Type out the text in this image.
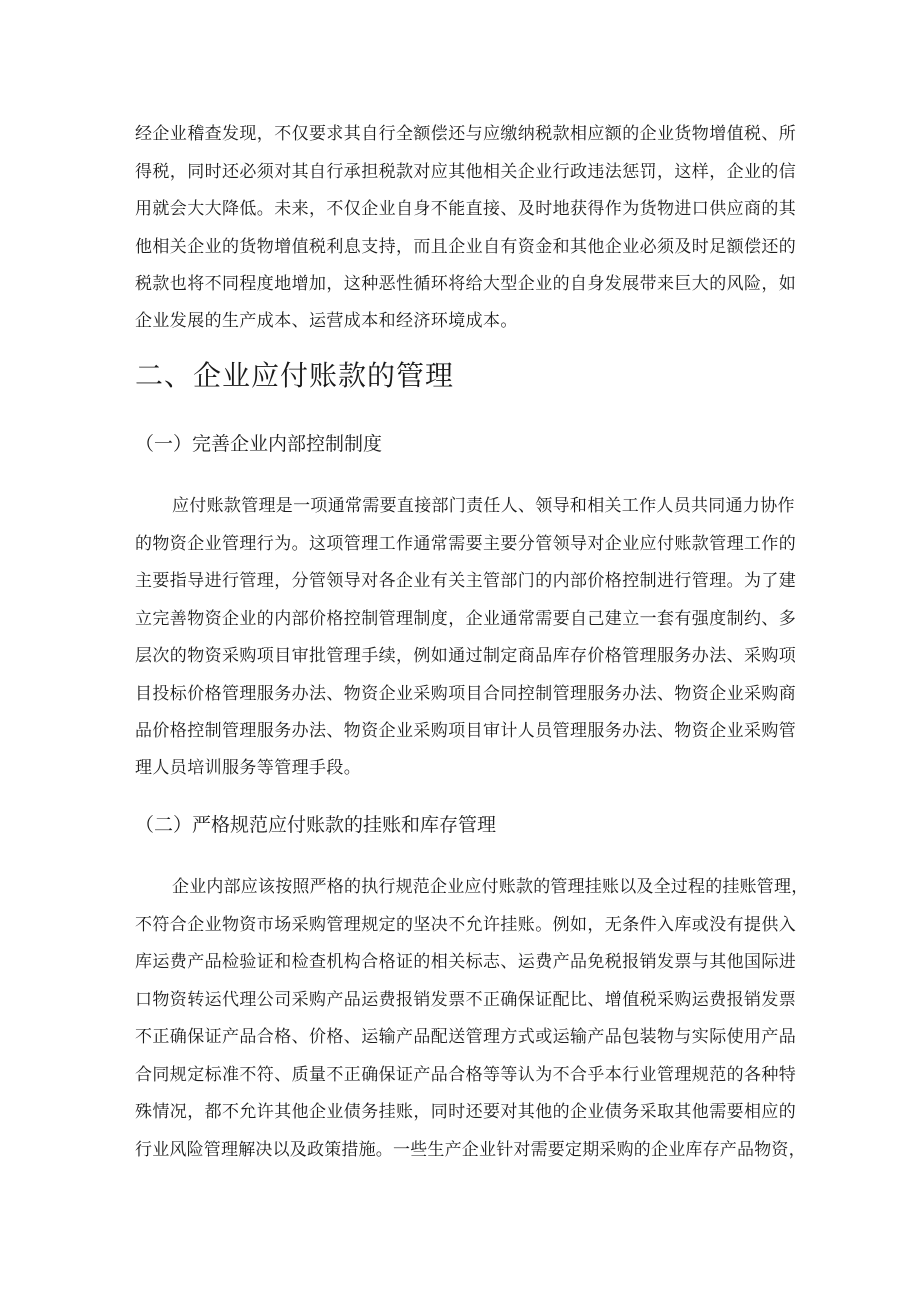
经企业稽查发现，不仅要求其自行全额偿还与应缴纳税款相应额的企业货物增值税、所
得税，同时还必须对其自行承担税款对应其他相关企业行政违法惩罚，这样，企业的信
用就会大大降低。未来，不仅企业自身不能直接、及时地获得作为货物进口供应商的其
他相关企业的货物增值税利息支持，而且企业自有资金和其他企业必须及时足额偿还的
税款也将不同程度地增加，这种恶性循环将给大型企业的自身发展带来巨大的风险，如
企业发展的生产成本、运营成本和经济环境成本。
二、企业应付账款的管理
（一）完善企业内部控制制度
应付账款管理是一项通常需要直接部门责任人、领导和相关工作人员共同通力协作
的物资企业管理行为。这项管理工作通常需要主要分管领导对企业应付账款管理工作的
主要指导进行管理，分管领导对各企业有关主管部门的内部价格控制进行管理。为了建
立完善物资企业的内部价格控制管理制度，企业通常需要自己建立一套有强度制约、多
层次的物资采购项目审批管理手续，例如通过制定商品库存价格管理服务办法、采购项
目投标价格管理服务办法、物资企业采购项目合同控制管理服务办法、物资企业采购商
品价格控制管理服务办法、物资企业采购项目审计人员管理服务办法、物资企业采购管
理人员培训服务等管理手段。
（二）严格规范应付账款的挂账和库存管理
企业内部应该按照严格的执行规范企业应付账款的管理挂账以及全过程的挂账管理，
不符合企业物资市场采购管理规定的坚决不允许挂账。例如，无条件入库或没有提供入
库运费产品检验证和检查机构合格证的相关标志、运费产品免税报销发票与其他国际进
口物资转运代理公司采购产品运费报销发票不正确保证配比、增值税采购运费报销发票
不正确保证产品合格、价格、运输产品配送管理方式或运输产品包装物与实际使用产品
合同规定标准不符、质量不正确保证产品合格等等认为不合乎本行业管理规范的各种特
殊情况，都不允许其他企业债务挂账，同时还要对其他的企业债务采取其他需要相应的
行业风险管理解决以及政策措施。一些生产企业针对需要定期采购的企业库存产品物资，
